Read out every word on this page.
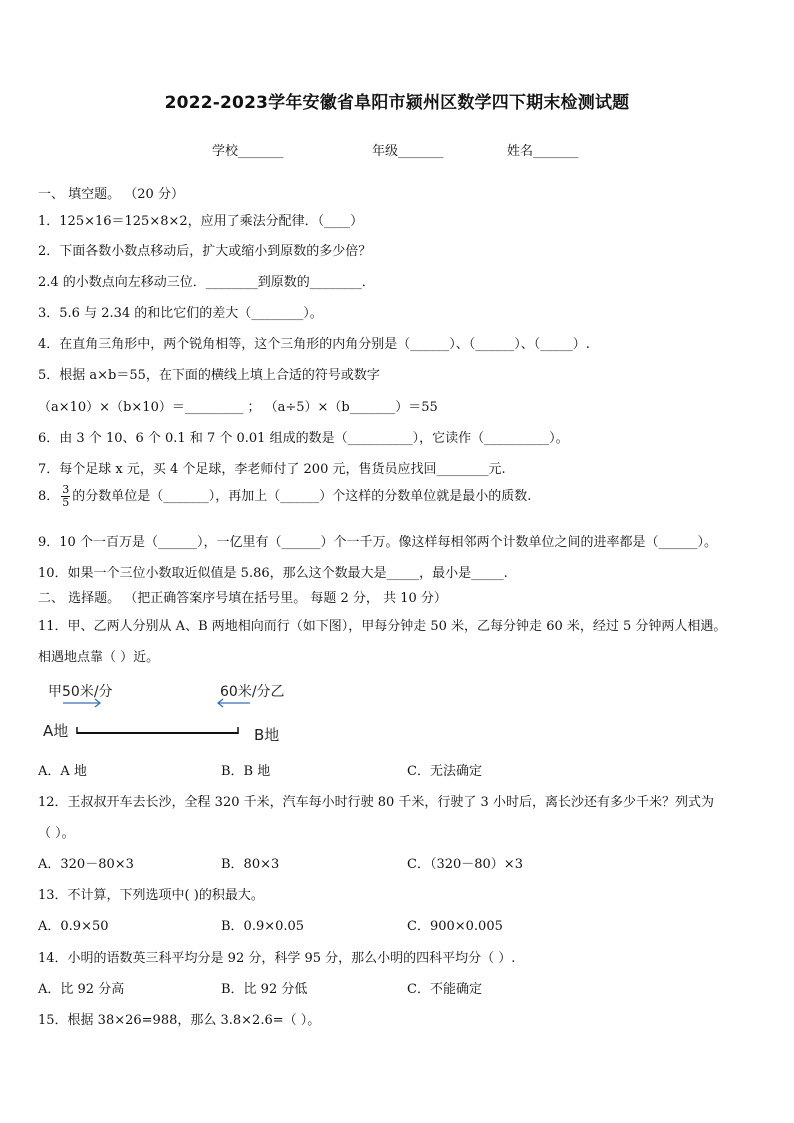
2022-2023学年安徽省阜阳市颍州区数学四下期末检测试题
学校_______	年级_______	姓名_______
一、 填空题。 （20 分）
1．125×16＝125×8×2，应用了乘法分配律．（____）
2．下面各数小数点移动后，扩大或缩小到原数的多少倍？
2.4 的小数点向左移动三位．________到原数的________．
3．5.6 与 2.34 的和比它们的差大（________）。
4．在直角三角形中，两个锐角相等，这个三角形的内角分别是（______）、（______）、（_____）.
5．根据 a×b＝55，在下面的横线上填上合适的符号或数字
（a×10）×（b×10）＝_________ ； （a÷5）×（b_______）＝55
6．由 3 个 10、6 个 0.1 和 7 个 0.01 组成的数是（__________），它读作（__________）。
7．每个足球 x 元，买 4 个足球，李老师付了 200 元，售货员应找回________元.
8． $\frac{3}{5}$ 的分数单位是（_______），再加上（______）个这样的分数单位就是最小的质数.
9．10 个一百万是（______），一亿里有（______）个一千万。像这样每相邻两个计数单位之间的进率都是（______）。
10．如果一个三位小数取近似值是 5.86，那么这个数最大是_____，最小是_____.
二、 选择题。 （把正确答案序号填在括号里。 每题 2 分， 共 10 分）
11．甲、乙两人分别从 A、B 两地相向而行（如下图），甲每分钟走 50 米，乙每分钟走 60 米，经过 5 分钟两人相遇。
相遇地点靠（ ）近。
甲50米/分	60米/分乙
A地	B地
A．A 地	B．B 地	C．无法确定
12．王叔叔开车去长沙，全程 320 千米，汽车每小时行驶 80 千米，行驶了 3 小时后，离长沙还有多少千米？列式为
（ ）。
A．320－80×3	B．80×3	C．（320－80）×3
13．不计算，下列选项中( )的积最大。
A．0.9×50	B．0.9×0.05	C．900×0.005
14．小明的语数英三科平均分是 92 分，科学 95 分，那么小明的四科平均分（ ）.
A．比 92 分高	B．比 92 分低	C．不能确定
15．根据 38×26=988，那么 3.8×2.6=（ ）。
